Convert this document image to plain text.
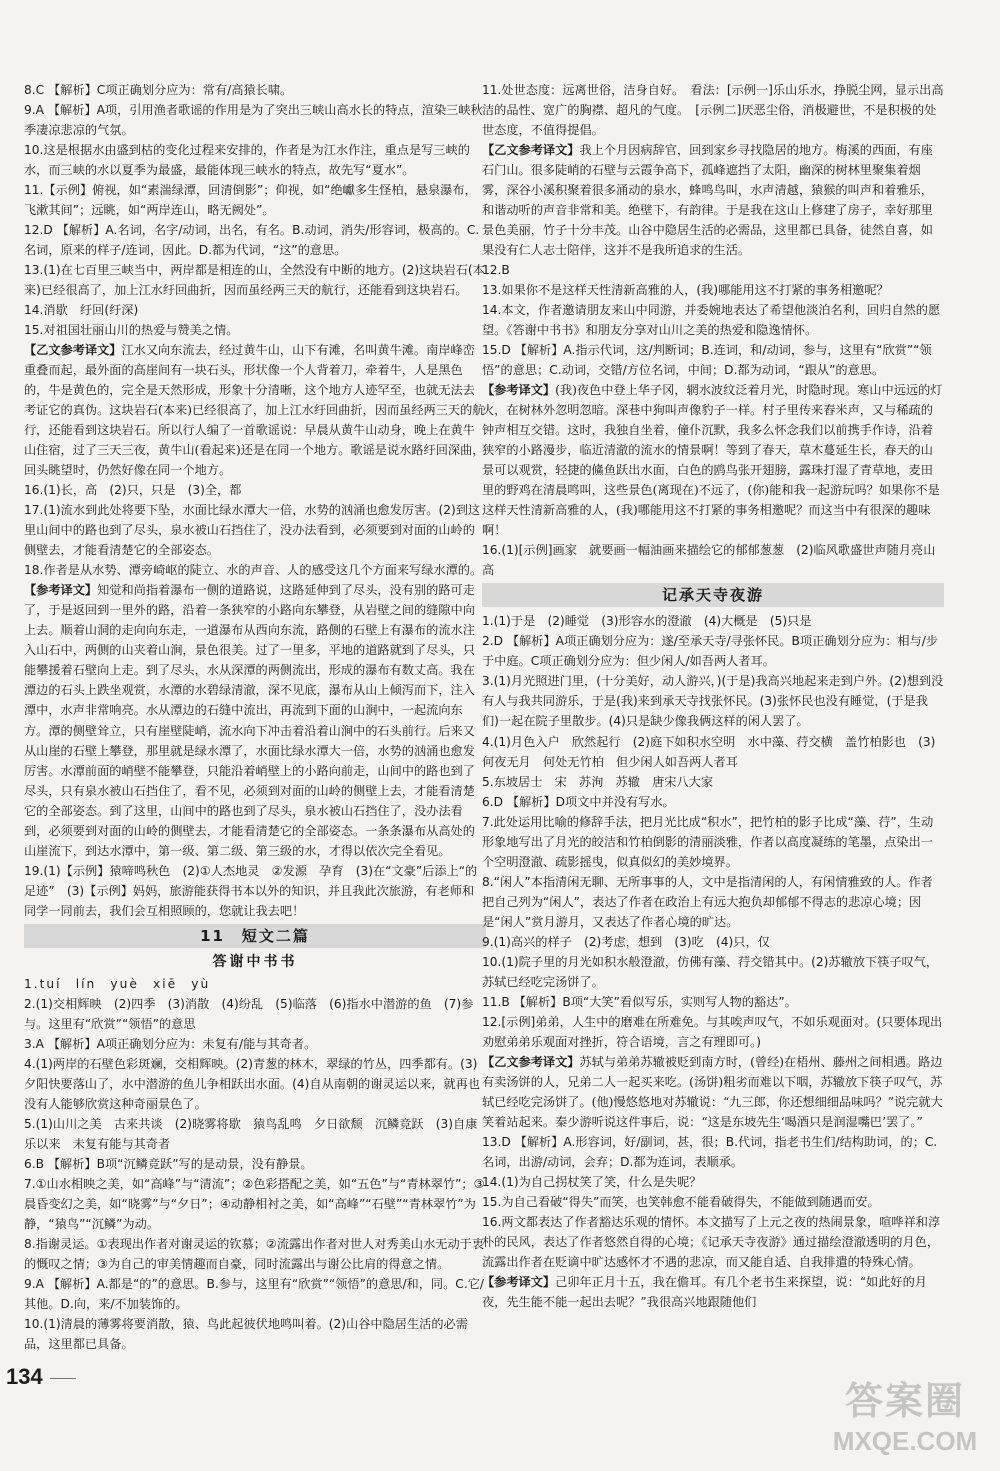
8.C 【解析】C项正确划分应为：常有/高猿长啸。
9.A 【解析】A项，引用渔者歌谣的作用是为了突出三峡山高水长的特点，渲染三峡秋季凄凉悲凉的气氛。
10.这是根据水由盛到枯的变化过程来安排的，作者是为江水作注，重点是写三峡的水，而三峡的水以夏季为最盛，最能体现三峡水的特点，故先写“夏水”。
11.【示例】俯视，如“素湍绿潭，回清倒影”；仰视，如“绝巘多生怪柏，悬泉瀑布，飞漱其间”；远眺，如“两岸连山，略无阙处”。
12.D 【解析】A.名词，名字/动词，出名，有名。B.动词，消失/形容词，极高的。C.名词，原来的样子/连词，因此。D.都为代词，“这”的意思。
13.(1)在七百里三峡当中，两岸都是相连的山，全然没有中断的地方。(2)这块岩石(本来)已经很高了，加上江水纡回曲折，因而虽经两三天的航行，还能看到这块岩石。
14.消歇　纡回(纡深)
15.对祖国壮丽山川的热爱与赞美之情。
【乙文参考译文】江水又向东流去，经过黄牛山，山下有滩，名叫黄牛滩。南岸峰峦重叠而起，最外面的高崖间有一块石头，形状像一个人背着刀，牵着牛，人是黑色的，牛是黄色的，完全是天然形成，形象十分清晰，这个地方人迹罕至，也就无法去考证它的真伪。这块岩石(本来)已经很高了，加上江水纡回曲折，因而虽经两三天的航行，还能看到这块岩石。所以行人编了一首歌谣说：早晨从黄牛山动身，晚上在黄牛山住宿，过了三天三夜，黄牛山(看起来)还是在同一个地方。歌谣是说水路纡回深曲，回头眺望时，仍然好像在同一个地方。
16.(1)长，高　(2)只，只是　(3)全，都
17.(1)流水到此处将要下坠，水面比绿水潭大一倍，水势的汹涌也愈发厉害。(2)到这里山间中的路也到了尽头，泉水被山石挡住了，没办法看到，必须要到对面的山岭的侧壁去，才能看清楚它的全部姿态。
18.作者是从水势、潭旁崎岖的陡立、水的声音、人的感受这几个方面来写绿水潭的。
【参考译文】知觉和尚指着瀑布一侧的道路说，这路延伸到了尽头，没有别的路可走了，于是返回到一里外的路，沿着一条狭窄的小路向东攀登，从岩壁之间的缝隙中向上去。顺着山洞的走向向东走，一道瀑布从西向东流，路侧的石壁上有瀑布的流水注入山石中，两侧的山夹着山涧，景色很美。过了一里多，平地的道路就到了尽头，只能攀援着石壁向上走。到了尽头，水从深潭的两侧流出，形成的瀑布有数丈高。我在潭边的石头上跌坐观赏，水潭的水碧绿清澈，深不见底，瀑布从山上倾泻而下，注入潭中，水声非常响亮。水从潭边的石缝中流出，再流到下面的山涧中，一起流向东方。潭的侧壁耸立，只有崖壁陡峭，流水向下冲击着沿着山涧中的石头前行。后来又从山崖的石壁上攀登，那里就是绿水潭了，水面比绿水潭大一倍，水势的汹涌也愈发厉害。水潭前面的峭壁不能攀登，只能沿着峭壁上的小路向前走，山间中的路也到了尽头，只有泉水被山石挡住了，看不见，必须到对面的山岭的侧壁上去，才能看清楚它的全部姿态。到了这里，山间中的路也到了尽头，泉水被山石挡住了，没办法看到，必须要到对面的山岭的侧壁去，才能看清楚它的全部姿态。一条条瀑布从高处的山崖流下，到达水潭中，第一级、第二级、第三级的水，才得以依次完全看见。
19.(1)【示例】猿啼鸣秋色　(2)①人杰地灵　②发源　孕育　(3)在“文豪”后添上“的足迹”　(3)【示例】妈妈，旅游能获得书本以外的知识，并且我此次旅游，有老师和同学一同前去，我们会互相照顾的，您就让我去吧！
11　短文二篇
答谢中书书
1.tuí　lín　yuè　xiē　yù
2.(1)交相辉映　(2)四季　(3)消散　(4)纷乱　(5)临落　(6)指水中潜游的鱼　(7)参与。这里有“欣赏”“领悟”的意思
3.A 【解析】A项正确划分应为：未复有/能与其奇者。
4.(1)两岸的石壁色彩斑斓，交相辉映。(2)青葱的林木，翠绿的竹丛，四季都有。(3)夕阳快要落山了，水中潜游的鱼儿争相跃出水面。(4)自从南朝的谢灵运以来，就再也没有人能够欣赏这种奇丽景色了。
5.(1)山川之美　古来共谈　(2)晓雾将歇　猿鸟乱鸣　夕日欲颓　沉鳞竞跃　(3)自康乐以来　未复有能与其奇者
6.B 【解析】B项“沉鳞竞跃”写的是动景，没有静景。
7.①山水相映之美，如“高峰”与“清流”；②色彩搭配之美，如“五色”与“青林翠竹”；③晨昏变幻之美，如“晓雾”与“夕日”；④动静相衬之美，如“高峰”“石壁”“青林翠竹”为静，“猿鸟”“沉鳞”为动。
8.指谢灵运。①表现出作者对谢灵运的钦慕；②流露出作者对世人对秀美山水无动于衷的慨叹之情；③为自己的审美情趣而自豪，同时流露出与谢公比肩的得意之情。
9.A 【解析】A.都是“的”的意思。B.参与，这里有“欣赏”“领悟”的意思/和，同。C.它/其他。D.向，来/不加装饰的。
10.(1)清晨的薄雾将要消散，猿、鸟此起彼伏地鸣叫着。(2)山谷中隐居生活的必需品，这里都已具备。
11.处世态度：远离世俗，洁身自好。　看法：[示例一]乐山乐水，挣脱尘网，显示出高洁的品性、宽广的胸襟、超凡的气度。　[示例二]厌恶尘俗，消极避世，不是积极的处世态度，不值得提倡。
【乙文参考译文】我上个月因病辞官，回到家乡寻找隐居的地方。梅溪的西面，有座石门山。很多陡峭的石壁与云霞争高下，孤峰遮挡了太阳，幽深的树林里聚集着烟雾，深谷小溪积聚着很多涌动的泉水，蜂鸣鸟叫，水声清越，猿猴的叫声和着雅乐，和谐动听的声音非常和美。绝壁下，有韵律。于是我在这山上修建了房子，幸好那里景色美丽，竹子十分丰茂。山谷中隐居生活的必需品，这里都已具备，徒然自喜，如果没有仁人志士陪伴，这并不是我所追求的生活。
12.B
13.如果你不是这样天性清新高雅的人，(我)哪能用这不打紧的事务相邀呢？
14.本文，作者邀请朋友来山中同游，并委婉地表达了希望他淡泊名利，回归自然的愿望。《答谢中书书》和朋友分享对山川之美的热爱和隐逸情怀。
15.D 【解析】A.指示代词，这/判断词；B.连词，和/动词，参与，这里有“欣赏”“领悟”的意思；C.动词，交错/方位名词，中间；D.都为动词，“跟从”的意思。
【参考译文】(我)夜色中登上华子冈，辋水波纹泛着月光，时隐时现。寒山中远远的灯火，在树林外忽明忽暗。深巷中狗叫声像豹子一样。村子里传来舂米声，又与稀疏的钟声相互交错。这时，我独自坐着，僮仆沉默，我多么怀念我们以前携手作诗，沿着狭窄的小路漫步，临近清澈的流水的情景啊！等到了春天，草木蔓延生长，春天的山景可以观赏，轻捷的鯈鱼跃出水面，白色的鸥鸟张开翅膀，露珠打湿了青草地，麦田里的野鸡在清晨鸣叫，这些景色(离现在)不远了，(你)能和我一起游玩吗？如果你不是这样天性清新高雅的人，(我)哪能用这不打紧的事务相邀呢？而这当中有很深的趣味啊！
16.(1)[示例]画家　就要画一幅油画来描绘它的郁郁葱葱　(2)临风歌盛世声随月亮山高
记承天寺夜游
1.(1)于是　(2)睡觉　(3)形容水的澄澈　(4)大概是　(5)只是
2.D 【解析】A项正确划分应为：遂/至承天寺/寻张怀民。B项正确划分应为：相与/步于中庭。C项正确划分应为：但少闲人/如吾两人者耳。
3.(1)月光照进门里，(十分美好，动人游兴，)(于是)我高兴地起来走到户外。(2)想到没有人与我共同游乐，于是(我)来到承天寺找张怀民。(3)张怀民也没有睡觉，(于是我们)一起在院子里散步。(4)只是缺少像我俩这样的闲人罢了。
4.(1)月色入户　欣然起行　(2)庭下如积水空明　水中藻、荇交横　盖竹柏影也　(3)何夜无月　何处无竹柏　但少闲人如吾两人者耳
5.东坡居士　宋　苏洵　苏辙　唐宋八大家
6.D 【解析】D项文中并没有写水。
7.此处运用比喻的修辞手法，把月光比成“积水”，把竹柏的影子比成“藻、荇”，生动形象地写出了月光的皎洁和竹柏倒影的清丽淡雅，作者以高度凝练的笔墨，点染出一个空明澄澈、疏影摇曳，似真似幻的美妙境界。
8.“闲人”本指清闲无聊、无所事事的人，文中是指清闲的人，有闲情雅致的人。作者把自己列为“闲人”，表达了作者在政治上有远大抱负却郁郁不得志的悲凉心境；因是“闲人”赏月游月，又表达了作者心境的旷达。
9.(1)高兴的样子　(2)考虑，想到　(3)吃　(4)只，仅
10.(1)院子里的月光如积水般澄澈，仿佛有藻、荇交错其中。(2)苏辙放下筷子叹气，苏轼已经吃完汤饼了。
11.B 【解析】B项“大笑”看似写乐，实则写人物的豁达”。
12.[示例]弟弟，人生中的磨难在所难免。与其唉声叹气，不如乐观面对。(只要体现出劝慰弟弟乐观面对挫折，符合语境，言之有理即可。)
【乙文参考译文】苏轼与弟弟苏辙被贬到南方时，(曾经)在梧州、藤州之间相遇。路边有卖汤饼的人，兄弟二人一起买来吃。(汤饼)粗劣而难以下咽，苏辙放下筷子叹气，苏轼已经吃完汤饼了。(他)慢悠悠地对苏辙说：“九三郎，你还想细细品味吗？”说完就大笑着站起来。秦少游听说这件事后，说：“这是东坡先生‘喝酒只是润湿嘴巴’罢了。”
13.D 【解析】A.形容词，好/副词，甚，很；B.代词，指老书生们/结构助词，的；C.名词，出游/动词，会弃；D.都为连词，表顺承。
14.(1)为自己拐杖笑了笑，什么是失呢？
15.为自己看破“得失”而笑，也笑韩愈不能看破得失，不能做到随遇而安。
16.两文都表达了作者豁达乐观的情怀。本文描写了上元之夜的热闹景象，喧哗祥和淳朴的民风，表达了作者悠然自得的心境；《记承天寺夜游》通过描绘澄澈透明的月色，流露出作者在贬谪中旷达感怀才不遇的悲凉，而又能自适、自我排遣的特殊心情。
【参考译文】己卯年正月十五，我在儋耳。有几个老书生来探望，说：“如此好的月夜，先生能不能一起出去呢？”我很高兴地跟随他们
134
答案圈
MXQE.COM
